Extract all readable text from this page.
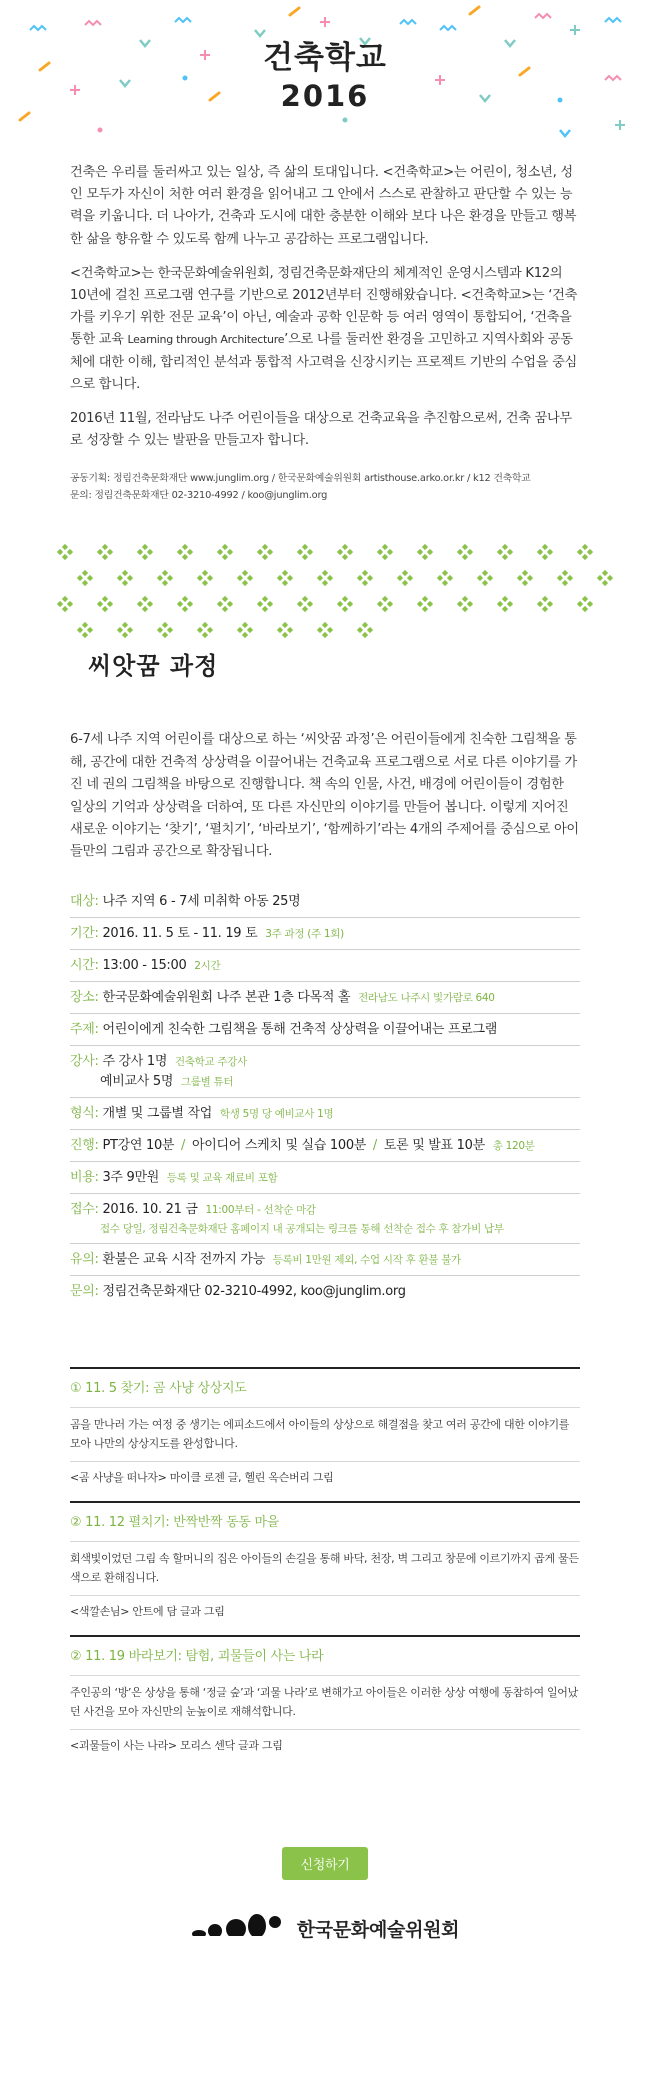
건축학교
2016

건축은 우리를 둘러싸고 있는 일상, 즉 삶의 토대입니다. <건축학교>는 어린이, 청소년, 성인 모두가 자신이 처한 여러 환경을 읽어내고 그 안에서 스스로 관찰하고 판단할 수 있는 능력을 키웁니다. 더 나아가, 건축과 도시에 대한 충분한 이해와 보다 나은 환경을 만들고 행복한 삶을 향유할 수 있도록 함께 나누고 공감하는 프로그램입니다.

<건축학교>는 한국문화예술위원회, 정림건축문화재단의 체계적인 운영시스템과 K12의 10년에 걸친 프로그램 연구를 기반으로 2012년부터 진행해왔습니다. <건축학교>는 ‘건축가를 키우기 위한 전문 교육’이 아닌, 예술과 공학 인문학 등 여러 영역이 통합되어, ‘건축을 통한 교육 Learning through Architecture’으로 나를 둘러싼 환경을 고민하고 지역사회와 공동체에 대한 이해, 합리적인 분석과 통합적 사고력을 신장시키는 프로젝트 기반의 수업을 중심으로 합니다.

2016년 11월, 전라남도 나주 어린이들을 대상으로 건축교육을 추진함으로써, 건축 꿈나무로 성장할 수 있는 발판을 만들고자 합니다.

공동기획: 정림건축문화재단 www.junglim.org / 한국문화예술위원회 artisthouse.arko.or.kr / k12 건축학교
문의: 정림건축문화재단 02-3210-4992 / koo@junglim.org
씨앗꿈 과정

6-7세 나주 지역 어린이를 대상으로 하는 ‘씨앗꿈 과정’은 어린이들에게 친숙한 그림책을 통해, 공간에 대한 건축적 상상력을 이끌어내는 건축교육 프로그램으로 서로 다른 이야기를 가진 네 권의 그림책을 바탕으로 진행합니다. 책 속의 인물, 사건, 배경에 어린이들이 경험한 일상의 기억과 상상력을 더하여, 또 다른 자신만의 이야기를 만들어 봅니다. 이렇게 지어진 새로운 이야기는 ‘찾기’, ‘펼치기’, ‘바라보기’, ‘함께하기’라는 4개의 주제어를 중심으로 아이들만의 그림과 공간으로 확장됩니다.

대상: 나주 지역 6 - 7세 미취학 아동 25명
기간: 2016. 11. 5 토 - 11. 19 토 3주 과정 (주 1회)
시간: 13:00 - 15:00 2시간
장소: 한국문화예술위원회 나주 본관 1층 다목적 홀 전라남도 나주시 빛가람로 640
주제: 어린이에게 친숙한 그림책을 통해 건축적 상상력을 이끌어내는 프로그램
강사: 주 강사 1명 건축학교 주강사
예비교사 5명 그룹별 튜터
형식: 개별 및 그룹별 작업 학생 5명 당 예비교사 1명
진행: PT강연 10분 / 아이디어 스케치 및 실습 100분 / 토론 및 발표 10분 총 120분
비용: 3주 9만원 등록 및 교육 재료비 포함
접수: 2016. 10. 21 금 11:00부터 - 선착순 마감
접수 당일, 정림건축문화재단 홈페이지 내 공개되는 링크를 통해 선착순 접수 후 참가비 납부
유의: 환불은 교육 시작 전까지 가능 등록비 1만원 제외, 수업 시작 후 환불 불가
문의: 정림건축문화재단 02-3210-4992, koo@junglim.org
① 11. 5 찾기: 곰 사냥 상상지도
곰을 만나러 가는 여정 중 생기는 에피소드에서 아이들의 상상으로 해결점을 찾고 여러 공간에 대한 이야기를 모아 나만의 상상지도를 완성합니다.
<곰 사냥을 떠나자> 마이클 로젠 글, 헬린 옥슨버리 그림
② 11. 12 펼치기: 반짝반짝 동동 마을
회색빛이었던 그림 속 할머니의 집은 아이들의 손길을 통해 바닥, 천장, 벽 그리고 창문에 이르기까지 곱게 물든 색으로 환해집니다.
<색깔손님> 안트에 담 글과 그림
② 11. 19 바라보기: 탐험, 괴물들이 사는 나라
주인공의 ‘방’은 상상을 통해 ‘정글 숲’과 ‘괴물 나라’로 변해가고 아이들은 이러한 상상 여행에 동참하여 일어났던 사건을 모아 자신만의 눈높이로 재해석합니다.
<괴물들이 사는 나라> 모리스 센닥 글과 그림
신청하기
한국문화예술위원회
